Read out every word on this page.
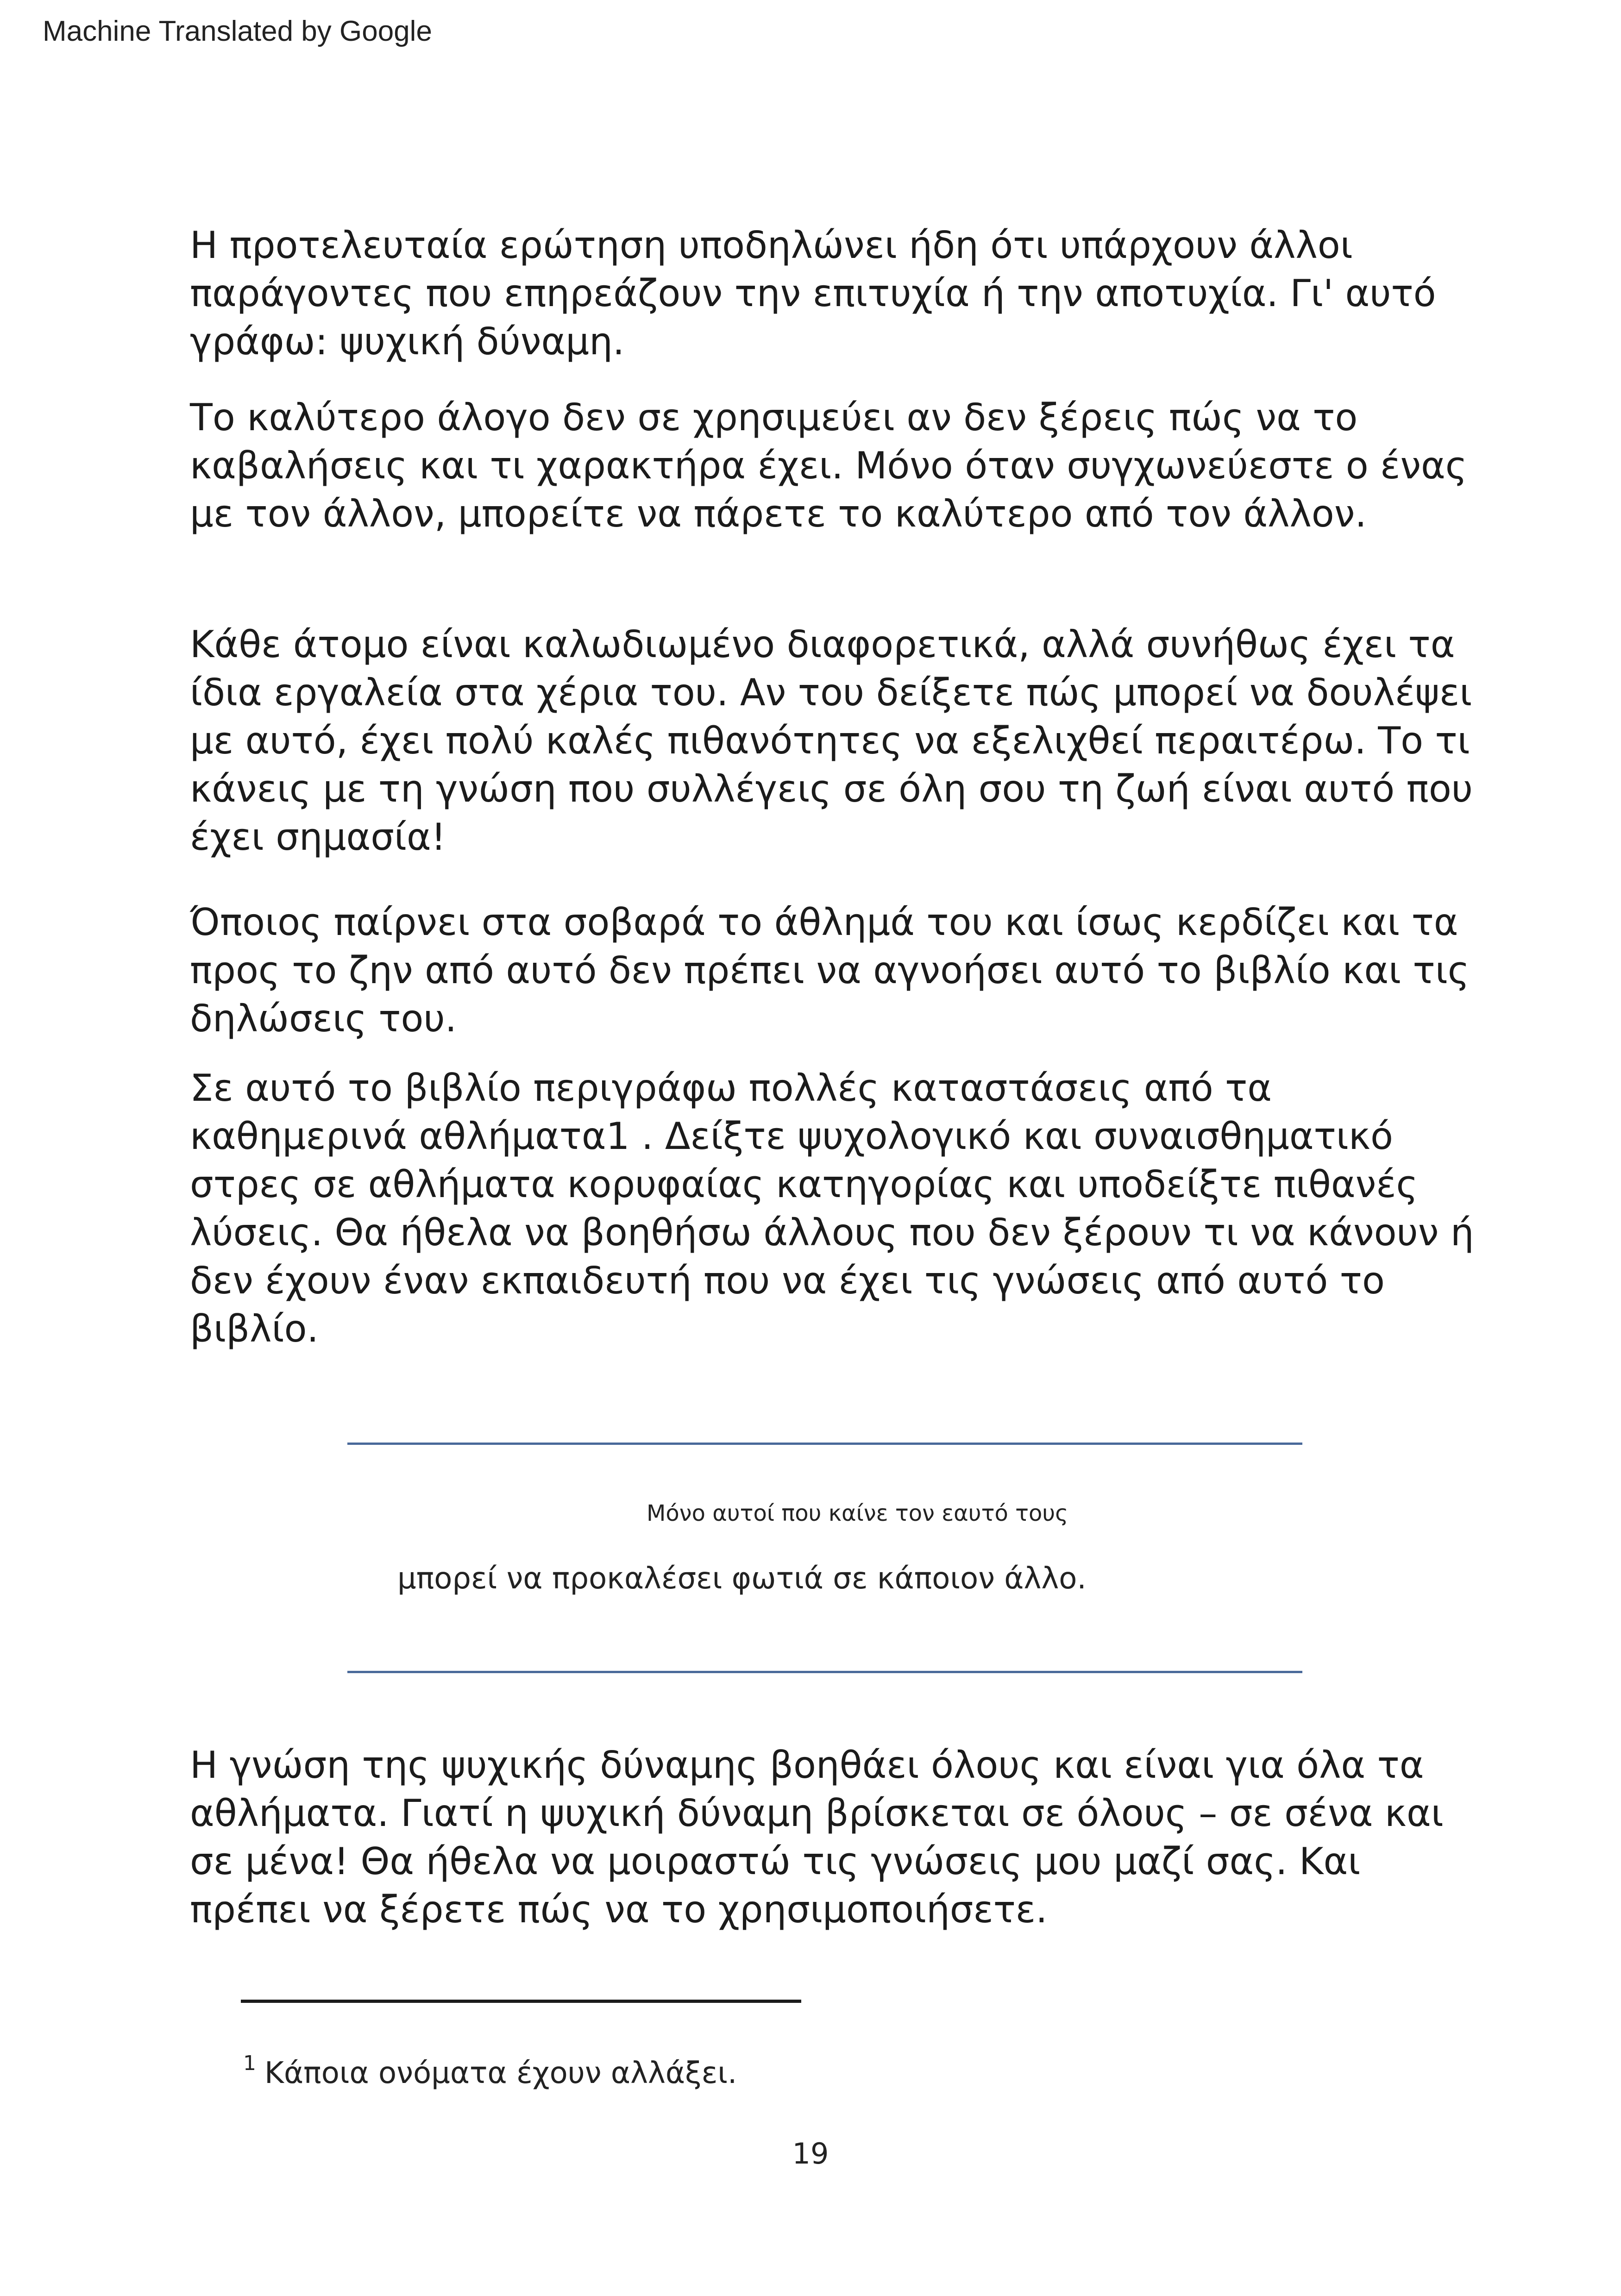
Machine Translated by Google

Η προτελευταία ερώτηση υποδηλώνει ήδη ότι υπάρχουν άλλοι παράγοντες που επηρεάζουν την επιτυχία ή την αποτυχία. Γι' αυτό γράφω: ψυχική δύναμη.

Το καλύτερο άλογο δεν σε χρησιμεύει αν δεν ξέρεις πώς να το καβαλήσεις και τι χαρακτήρα έχει. Μόνο όταν συγχωνεύεστε ο ένας με τον άλλον, μπορείτε να πάρετε το καλύτερο από τον άλλον.

Κάθε άτομο είναι καλωδιωμένο διαφορετικά, αλλά συνήθως έχει τα ίδια εργαλεία στα χέρια του. Αν του δείξετε πώς μπορεί να δουλέψει με αυτό, έχει πολύ καλές πιθανότητες να εξελιχθεί περαιτέρω. Το τι κάνεις με τη γνώση που συλλέγεις σε όλη σου τη ζωή είναι αυτό που έχει σημασία!

Όποιος παίρνει στα σοβαρά το άθλημά του και ίσως κερδίζει και τα προς το ζην από αυτό δεν πρέπει να αγνοήσει αυτό το βιβλίο και τις δηλώσεις του.

Σε αυτό το βιβλίο περιγράφω πολλές καταστάσεις από τα καθημερινά αθλήματα1 . Δείξτε ψυχολογικό και συναισθηματικό στρες σε αθλήματα κορυφαίας κατηγορίας και υποδείξτε πιθανές λύσεις. Θα ήθελα να βοηθήσω άλλους που δεν ξέρουν τι να κάνουν ή δεν έχουν έναν εκπαιδευτή που να έχει τις γνώσεις από αυτό το βιβλίο.

Μόνο αυτοί που καίνε τον εαυτό τους

μπορεί να προκαλέσει φωτιά σε κάποιον άλλο.

Η γνώση της ψυχικής δύναμης βοηθάει όλους και είναι για όλα τα αθλήματα. Γιατί η ψυχική δύναμη βρίσκεται σε όλους – σε σένα και σε μένα! Θα ήθελα να μοιραστώ τις γνώσεις μου μαζί σας. Και πρέπει να ξέρετε πώς να το χρησιμοποιήσετε.

$^1$ Κάποια ονόματα έχουν αλλάξει.

19
